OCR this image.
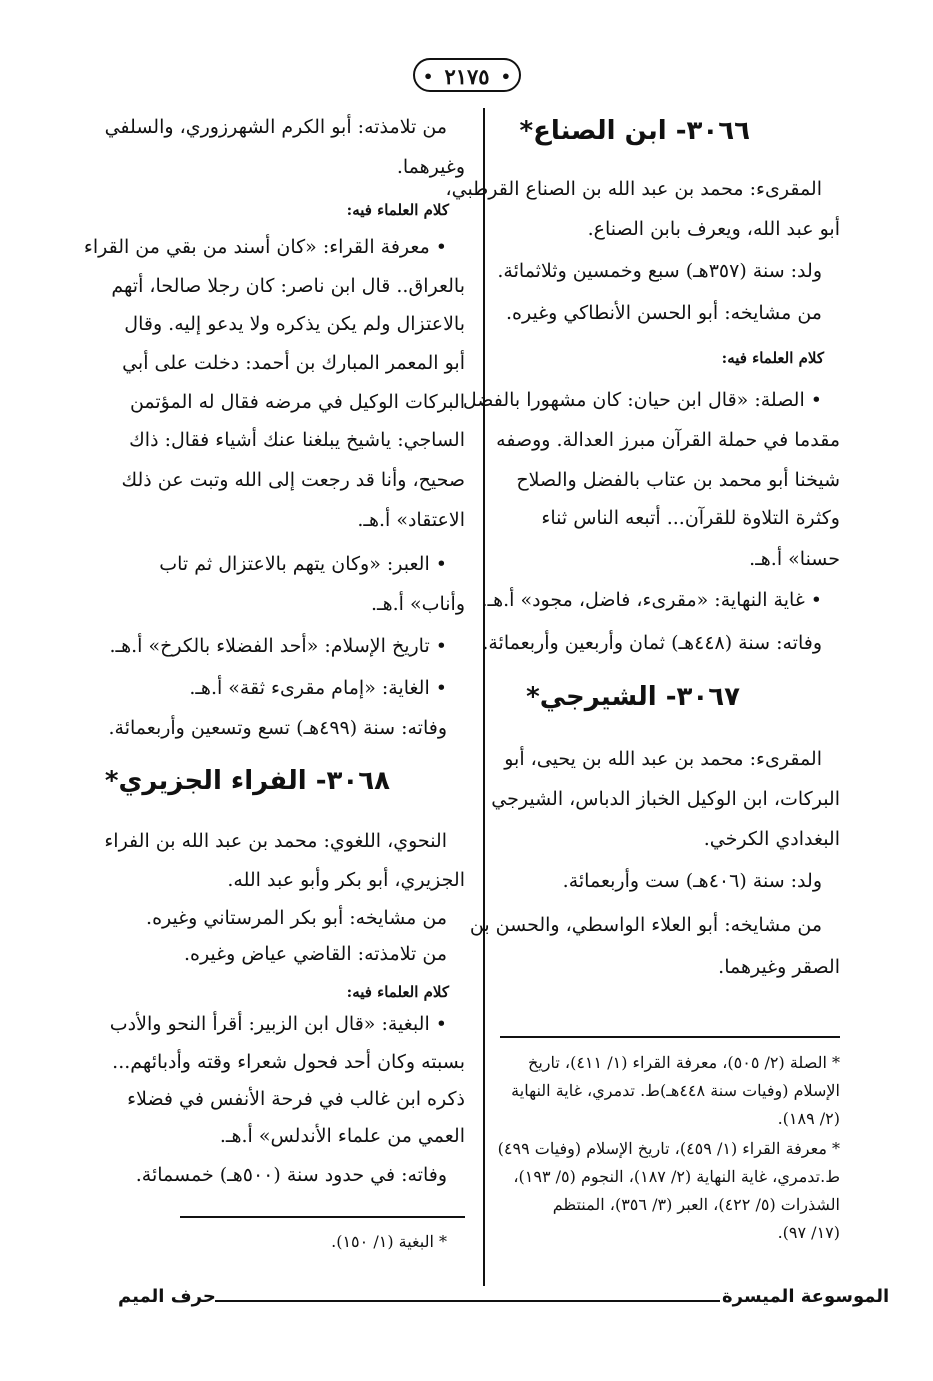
• ٢١٧٥ •
٣٠٦٦- ابن الصناع*
المقرىء: محمد بن عبد الله بن الصناع القرطبي،
أبو عبد الله، ويعرف بابن الصناع.
ولد: سنة (٣٥٧هـ) سبع وخمسين وثلاثمائة.
من مشايخه: أبو الحسن الأنطاكي وغيره.
كلام العلماء فيه:
• الصلة: «قال ابن حيان: كان مشهورا بالفضل
مقدما في حملة القرآن مبرز العدالة. ووصفه
شيخنا أبو محمد بن عتاب بالفضل والصلاح
وكثرة التلاوة للقرآن... أتبعه الناس ثناء
حسنا» أ.هـ.
• غاية النهاية: «مقرىء، فاضل، مجود» أ.هـ.
وفاته: سنة (٤٤٨هـ) ثمان وأربعين وأربعمائة.
٣٠٦٧- الشيرجي*
المقرىء: محمد بن عبد الله بن يحيى، أبو
البركات، ابن الوكيل الخباز الدباس، الشيرجي
البغدادي الكرخي.
ولد: سنة (٤٠٦هـ) ست وأربعمائة.
من مشايخه: أبو العلاء الواسطي، والحسن بن
الصقر وغيرهما.
* الصلة (٢/ ٥٠٥)، معرفة القراء (١/ ٤١١)، تاريخ
الإسلام (وفيات سنة ٤٤٨هـ)ط. تدمري، غاية النهاية
(٢/ ١٨٩).
* معرفة القراء (١/ ٤٥٩)، تاريخ الإسلام (وفيات ٤٩٩)
ط.تدمري، غاية النهاية (٢/ ١٨٧)، النجوم (٥/ ١٩٣)،
الشذرات (٥/ ٤٢٢)، العبر (٣/ ٣٥٦)، المنتظم
(١٧/ ٩٧).
من تلامذته: أبو الكرم الشهرزوري، والسلفي
وغيرهما.
كلام العلماء فيه:
• معرفة القراء: «كان أسند من بقي من القراء
بالعراق.. قال ابن ناصر: كان رجلا صالحا، أتهم
بالاعتزال ولم يكن يذكره ولا يدعو إليه. وقال
أبو المعمر المبارك بن أحمد: دخلت على أبي
البركات الوكيل في مرضه فقال له المؤتمن
الساجي: ياشيخ يبلغنا عنك أشياء فقال: ذاك
صحيح، وأنا قد رجعت إلى الله وتبت عن ذلك
الاعتقاد» أ.هـ.
• العبر: «وكان يتهم بالاعتزال ثم تاب
وأناب» أ.هـ.
• تاريخ الإسلام: «أحد الفضلاء بالكرخ» أ.هـ.
• الغاية: «إمام مقرىء ثقة» أ.هـ.
وفاته: سنة (٤٩٩هـ) تسع وتسعين وأربعمائة.
٣٠٦٨- الفراء الجزيري*
النحوي، اللغوي: محمد بن عبد الله بن الفراء
الجزيري، أبو بكر وأبو عبد الله.
من مشايخه: أبو بكر المرستاني وغيره.
من تلامذته: القاضي عياض وغيره.
كلام العلماء فيه:
• البغية: «قال ابن الزبير: أقرأ النحو والأدب
بسبته وكان أحد فحول شعراء وقته وأدبائهم...
ذكره ابن غالب في فرحة الأنفس في فضلاء
العمي من علماء الأندلس» أ.هـ.
وفاته: في حدود سنة (٥٠٠هـ) خمسمائة.
* البغية (١/ ١٥٠).
الموسوعة الميسرة
حرف الميم
